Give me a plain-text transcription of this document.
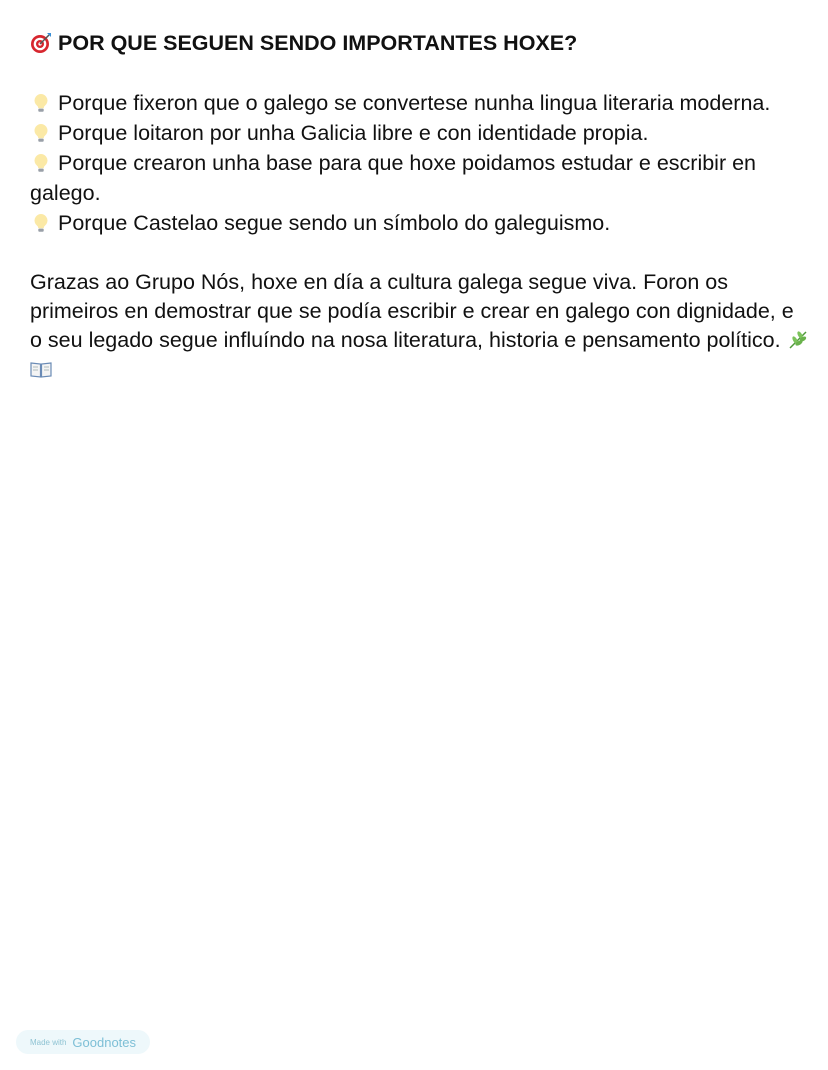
POR QUE SEGUEN SENDO IMPORTANTES HOXE?

Porque fixeron que o galego se convertese nunha lingua literaria moderna.

Porque loitaron por unha Galicia libre e con identidade propia.

Porque crearon unha base para que hoxe poidamos estudar e escribir en galego.

Porque Castelao segue sendo un símbolo do galeguismo.

Grazas ao Grupo Nós, hoxe en día a cultura galega segue viva. Foron os primeiros en demostrar que se podía escribir e crear en galego con dignidade, e o seu legado segue influíndo na nosa literatura, historia e pensamento político.

Made with Goodnotes
